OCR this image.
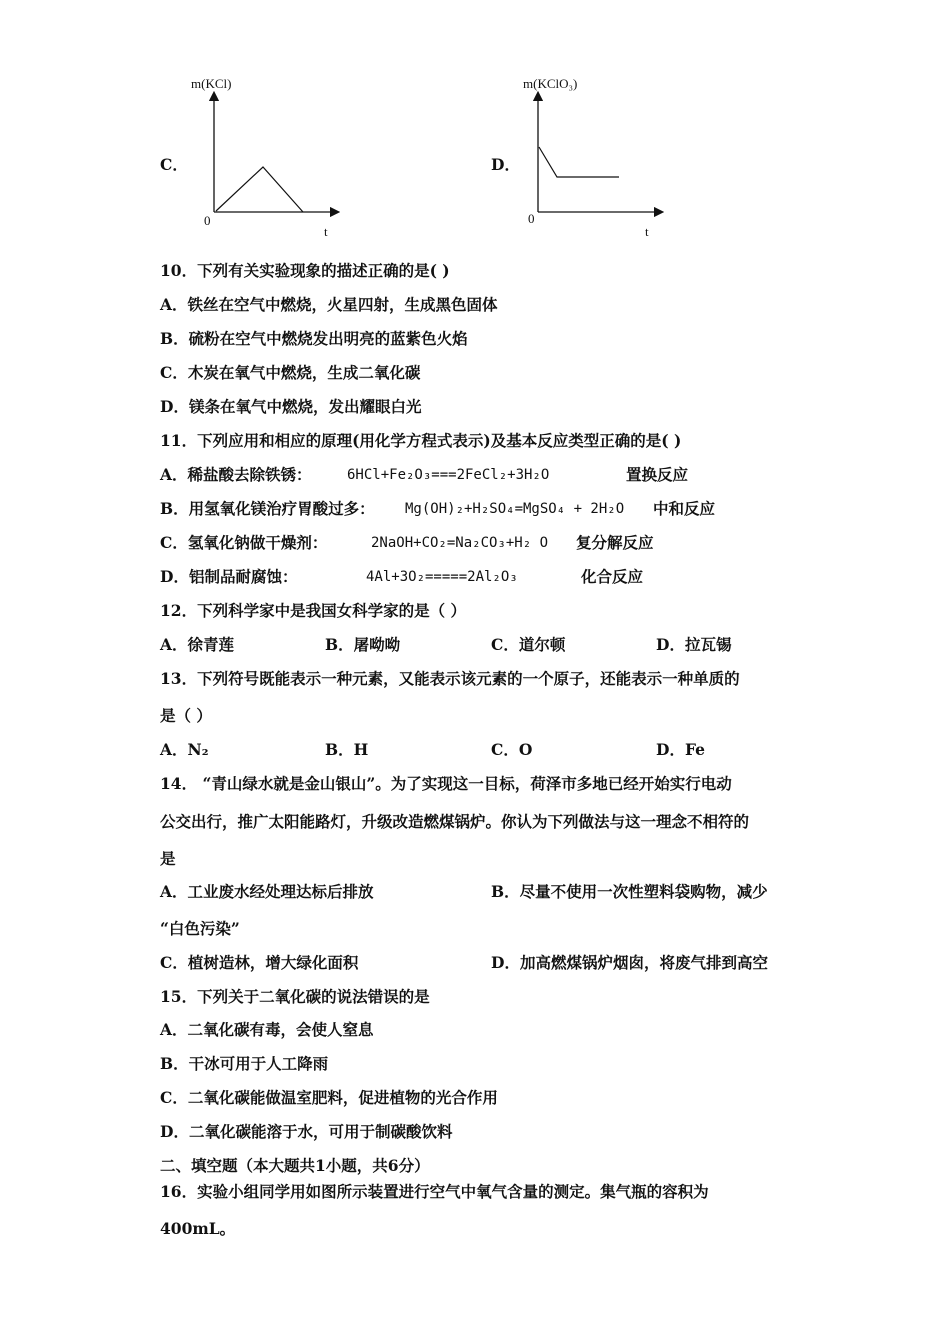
C．
m(KCl)
0
t
D．
m(KClO₃)
0
t
10．下列有关实验现象的描述正确的是( )
A．铁丝在空气中燃烧，火星四射，生成黑色固体
B．硫粉在空气中燃烧发出明亮的蓝紫色火焰
C．木炭在氧气中燃烧，生成二氧化碳
D．镁条在氧气中燃烧，发出耀眼白光
11．下列应用和相应的原理(用化学方程式表示)及基本反应类型正确的是( )
A．稀盐酸去除铁锈：	6HCl+Fe₂O₃===2FeCl₂+3H₂O	置换反应
B．用氢氧化镁治疗胃酸过多： Mg(OH)₂+H₂SO₄=MgSO₄ + 2H₂O 中和反应
C．氢氧化钠做干燥剂：	2NaOH+CO₂=Na₂CO₃+H₂ O 复分解反应
D．铝制品耐腐蚀：	4Al+3O₂=====2Al₂O₃	化合反应
12．下列科学家中是我国女科学家的是（ ）
A．徐青莲	B．屠呦呦	C．道尔顿	D．拉瓦锡
13．下列符号既能表示一种元素，又能表示该元素的一个原子，还能表示一种单质的
是（ ）
A．N₂	B．H	C．O	D．Fe
14． “青山绿水就是金山银山”。为了实现这一目标，荷泽市多地已经开始实行电动
公交出行，推广太阳能路灯，升级改造燃煤锅炉。你认为下列做法与这一理念不相符的
是
A．工业废水经处理达标后排放	B．尽量不使用一次性塑料袋购物，减少
“白色污染”
C．植树造林，增大绿化面积	D．加高燃煤锅炉烟囱，将废气排到高空
15．下列关于二氧化碳的说法错误的是
A．二氧化碳有毒，会使人窒息
B．干冰可用于人工降雨
C．二氧化碳能做温室肥料，促进植物的光合作用
D．二氧化碳能溶于水，可用于制碳酸饮料
二、填空题（本大题共1小题，共6分）
16．实验小组同学用如图所示装置进行空气中氧气含量的测定。集气瓶的容积为
400mL。
